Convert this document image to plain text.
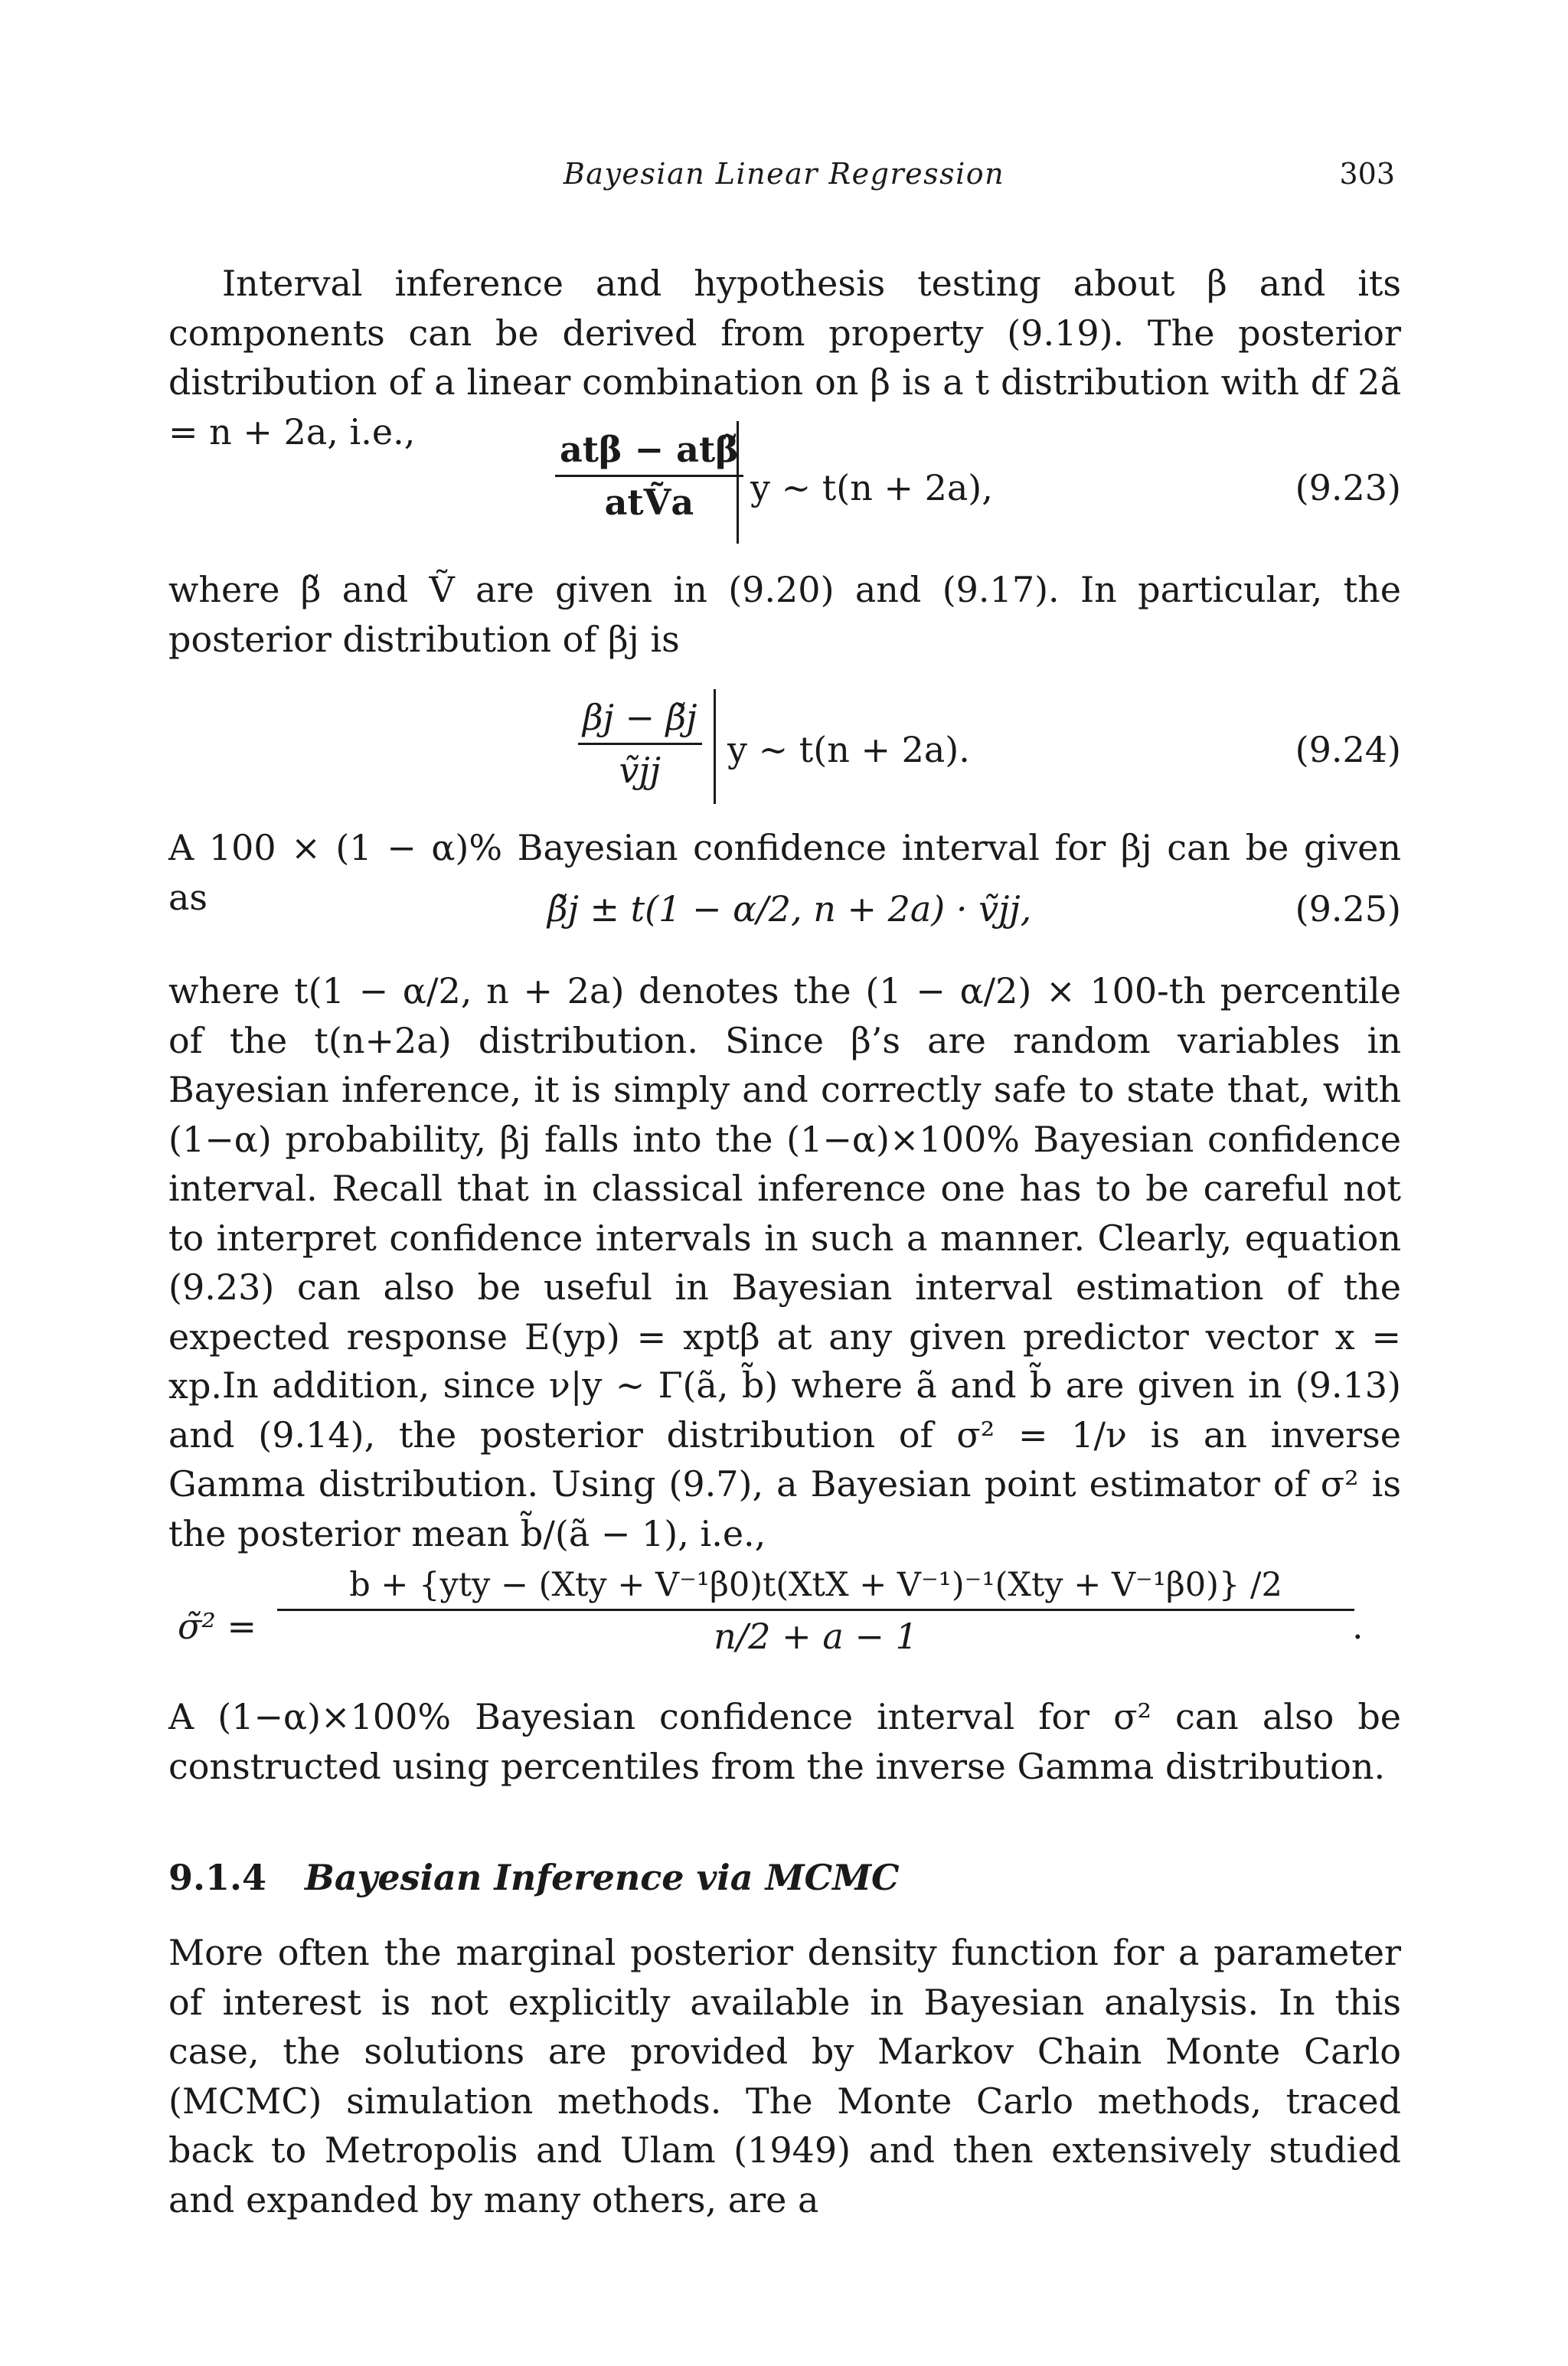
Bayesian Linear Regression	303
Interval inference and hypothesis testing about β and its components can be derived from property (9.19). The posterior distribution of a linear combination on β is a t distribution with df 2ã = n + 2a, i.e.,	$\frac{\text{atβ − atβ̃}}{\text{atṼa}}$ y ∼ t(n + 2a),	(9.23)
where β̃ and Ṽ are given in (9.20) and (9.17). In particular, the posterior distribution of βj is
$\frac{\beta j - \betãj}{\text{ṽjj}}$ y ∼ t(n + 2a).	(9.24)
A 100 × (1 − α)% Bayesian confidence interval for βj can be given as	β̃j ± t(1 − α/2, n + 2a) · ṽjj,	(9.25)
where t(1 − α/2, n + 2a) denotes the (1 − α/2) × 100-th percentile of the t(n+2a) distribution. Since β’s are random variables in Bayesian inference, it is simply and correctly safe to state that, with (1−α) probability, βj falls into the (1−α)×100% Bayesian confidence interval. Recall that in classical inference one has to be careful not to interpret confidence intervals in such a manner. Clearly, equation (9.23) can also be useful in Bayesian interval estimation of the expected response E(yp) = xptβ at any given predictor vector x = xp. In addition, since ν|y ∼ Γ(ã, b̃) where ã and b̃ are given in (9.13) and (9.14), the posterior distribution of σ² = 1/ν is an inverse Gamma distribution. Using (9.7), a Bayesian point estimator of σ² is the posterior mean b̃/(ã − 1), i.e.,
σ̃² = $\frac{\text{b + \{yty − (Xty + V⁻¹β0)t(XtX + V⁻¹)⁻¹(Xty + V⁻¹β0)\} /2}}{n/2 + a - 1}$ .
A (1−α)×100% Bayesian confidence interval for σ² can also be constructed using percentiles from the inverse Gamma distribution.
9.1.4 Bayesian Inference via MCMC
More often the marginal posterior density function for a parameter of interest is not explicitly available in Bayesian analysis. In this case, the solutions are provided by Markov Chain Monte Carlo (MCMC) simulation methods. The Monte Carlo methods, traced back to Metropolis and Ulam (1949) and then extensively studied and expanded by many others, are a
